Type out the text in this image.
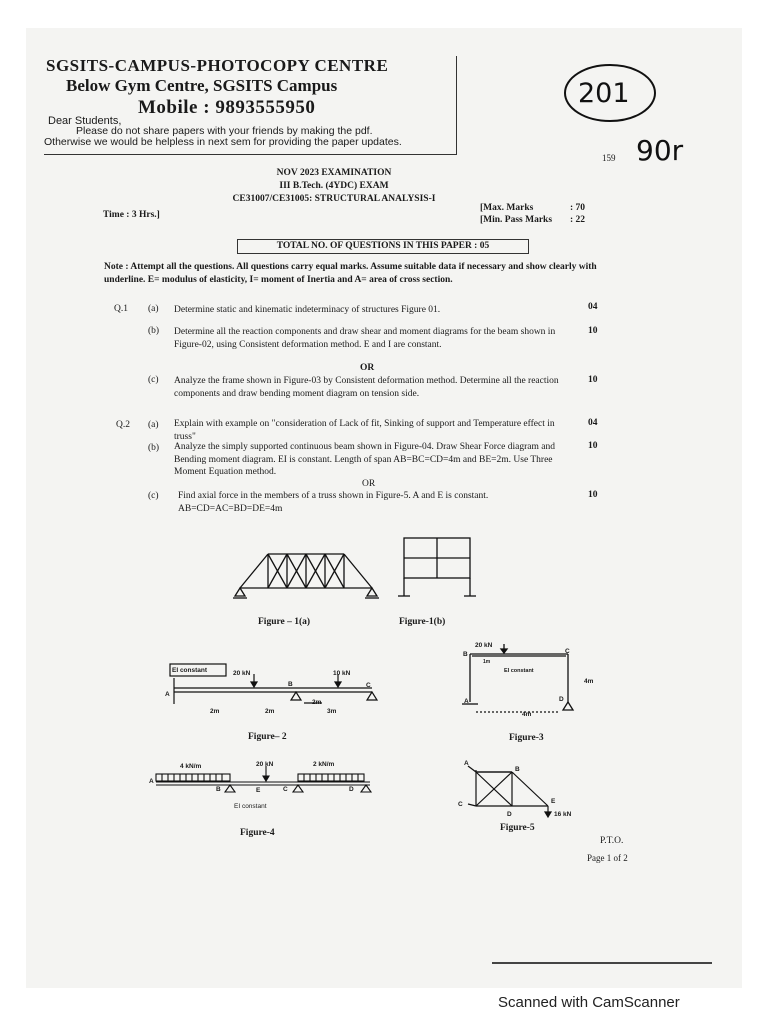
SGSITS-CAMPUS-PHOTOCOPY CENTRE
Below Gym Centre, SGSITS Campus
Mobile : 9893555950
Dear Students,
Please do not share papers with your friends by making the pdf.
Otherwise we would be helpless in next sem for providing the paper updates.
201
90r
159
NOV 2023 EXAMINATION
III B.Tech. (4YDC) EXAM
CE31007/CE31005: STRUCTURAL ANALYSIS-I
Time : 3 Hrs.]
[Max. Marks	: 70
[Min. Pass Marks : 22
TOTAL NO. OF QUESTIONS IN THIS PAPER : 05
Note : Attempt all the questions. All questions carry equal marks. Assume suitable data if necessary and show clearly with underline. E= modulus of elasticity, I= moment of Inertia and A= area of cross section.
Q.1 (a) Determine static and kinematic indeterminacy of structures Figure 01.	04
(b) Determine all the reaction components and draw shear and moment diagrams for the beam shown in Figure-02, using Consistent deformation method. E and I are constant.
10
OR
(c) Analyze the frame shown in Figure-03 by Consistent deformation method. Determine all the reaction components and draw bending moment diagram on tension side.
10
Q.2 (a) Explain with example on "consideration of Lack of fit, Sinking of support and Temperature effect in truss"
04
(b) Analyze the simply supported continuous beam shown in Figure-04. Draw Shear Force diagram and Bending moment diagram. EI is constant. Length of span AB=BC=CD=4m and BE=2m. Use Three Moment Equation method.
10
OR
(c) Find axial force in the members of a truss shown in Figure-5. A and E is constant. AB=CD=AC=BD=DE=4m
10
Figure – 1(a)	Figure-1(b)
EI constant	20 kN	10 kN
A
B	C
2m	2m
2m
3m
Figure– 2
20 kN
B	C
1m
EI constant
4m
A	D
4m
Figure-3
4 kN/m	20 kN	2 kN/m
A
B	E	C	D
EI constant
Figure-4
A
B
C
D
E
16 kN
Figure-5
P.T.O.
Page 1 of 2
Scanned with CamScanner
